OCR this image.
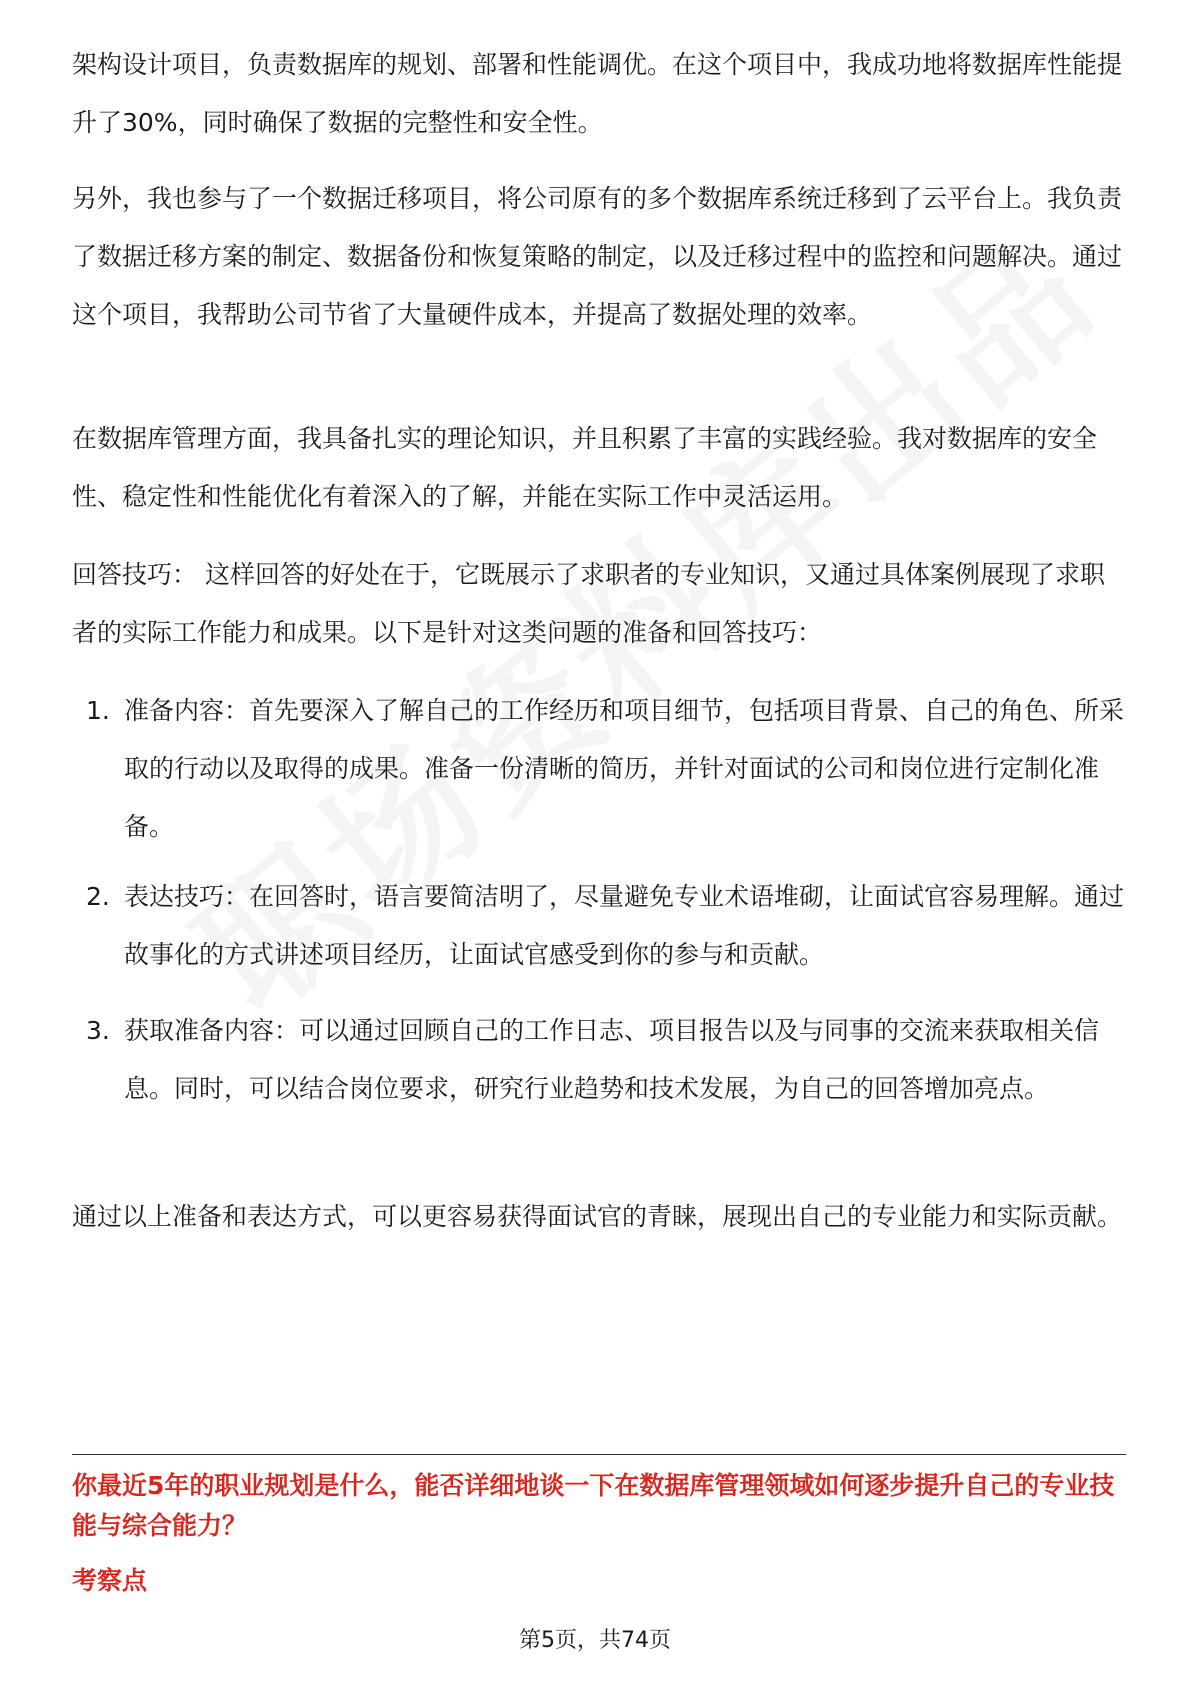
架构设计项目，负责数据库的规划、部署和性能调优。在这个项目中，我成功地将数据库性能提升了30%，同时确保了数据的完整性和安全性。

另外，我也参与了一个数据迁移项目，将公司原有的多个数据库系统迁移到了云平台上。我负责了数据迁移方案的制定、数据备份和恢复策略的制定，以及迁移过程中的监控和问题解决。通过这个项目，我帮助公司节省了大量硬件成本，并提高了数据处理的效率。

在数据库管理方面，我具备扎实的理论知识，并且积累了丰富的实践经验。我对数据库的安全性、稳定性和性能优化有着深入的了解，并能在实际工作中灵活运用。

回答技巧： 这样回答的好处在于，它既展示了求职者的专业知识，又通过具体案例展现了求职者的实际工作能力和成果。以下是针对这类问题的准备和回答技巧：

1. 准备内容：首先要深入了解自己的工作经历和项目细节，包括项目背景、自己的角色、所采取的行动以及取得的成果。准备一份清晰的简历，并针对面试的公司和岗位进行定制化准备。
2. 表达技巧：在回答时，语言要简洁明了，尽量避免专业术语堆砌，让面试官容易理解。通过故事化的方式讲述项目经历，让面试官感受到你的参与和贡献。
3. 获取准备内容：可以通过回顾自己的工作日志、项目报告以及与同事的交流来获取相关信息。同时，可以结合岗位要求，研究行业趋势和技术发展，为自己的回答增加亮点。

通过以上准备和表达方式，可以更容易获得面试官的青睐，展现出自己的专业能力和实际贡献。

你最近5年的职业规划是什么，能否详细地谈一下在数据库管理领域如何逐步提升自己的专业技能与综合能力？
考察点
第5页，共74页
